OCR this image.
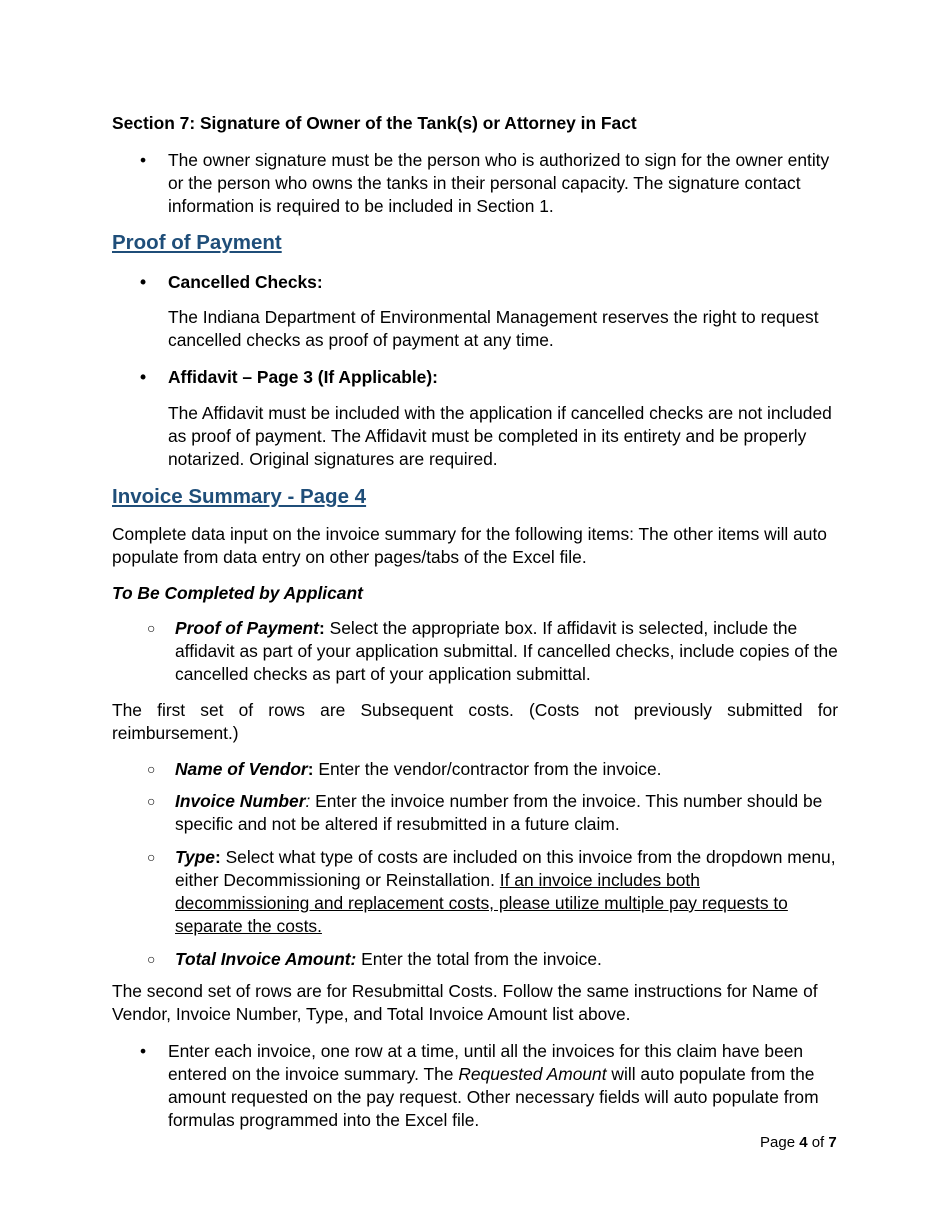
Section 7: Signature of Owner of the Tank(s) or Attorney in Fact
• The owner signature must be the person who is authorized to sign for the owner entity or the person who owns the tanks in their personal capacity. The signature contact information is required to be included in Section 1.
Proof of Payment
• Cancelled Checks:
The Indiana Department of Environmental Management reserves the right to request cancelled checks as proof of payment at any time.
• Affidavit – Page 3 (If Applicable):
The Affidavit must be included with the application if cancelled checks are not included as proof of payment. The Affidavit must be completed in its entirety and be properly notarized. Original signatures are required.
Invoice Summary - Page 4
Complete data input on the invoice summary for the following items: The other items will auto populate from data entry on other pages/tabs of the Excel file.
To Be Completed by Applicant
○ Proof of Payment: Select the appropriate box. If affidavit is selected, include the affidavit as part of your application submittal. If cancelled checks, include copies of the cancelled checks as part of your application submittal.
The first set of rows are Subsequent costs. (Costs not previously submitted for
reimbursement.)
○ Name of Vendor: Enter the vendor/contractor from the invoice.
○ Invoice Number: Enter the invoice number from the invoice. This number should be specific and not be altered if resubmitted in a future claim.
○ Type: Select what type of costs are included on this invoice from the dropdown menu, either Decommissioning or Reinstallation. If an invoice includes both decommissioning and replacement costs, please utilize multiple pay requests to separate the costs.
○ Total Invoice Amount: Enter the total from the invoice.
The second set of rows are for Resubmittal Costs. Follow the same instructions for Name of Vendor, Invoice Number, Type, and Total Invoice Amount list above.
• Enter each invoice, one row at a time, until all the invoices for this claim have been entered on the invoice summary. The Requested Amount will auto populate from the amount requested on the pay request. Other necessary fields will auto populate from formulas programmed into the Excel file.
Page 4 of 7
